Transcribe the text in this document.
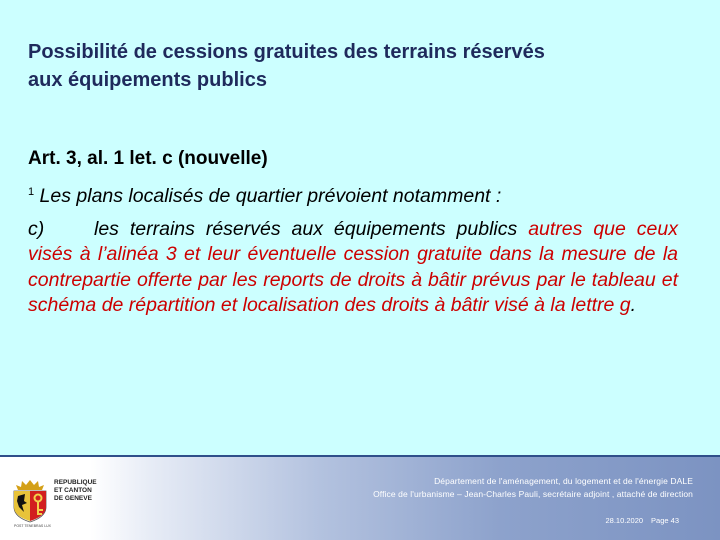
Possibilité de cessions gratuites des terrains réservés
aux équipements publics
Art. 3, al. 1 let. c (nouvelle)
$^1$ Les plans localisés de quartier prévoient notamment :
c)	les terrains réservés aux équipements publics autres que ceux visés à l’alinéa 3 et leur éventuelle cession gratuite dans la mesure de la contrepartie offerte par les reports de droits à bâtir prévus par le tableau et schéma de répartition et localisation des droits à bâtir visé à la lettre g.
REPUBLIQUE
ET CANTON
DE GENEVE
POST TENEBRAS LUX
Département de l'aménagement, du logement et de l'énergie DALE
Office de l'urbanisme – Jean-Charles Pauli, secrétaire adjoint , attaché de direction
28.10.2020 Page 43
